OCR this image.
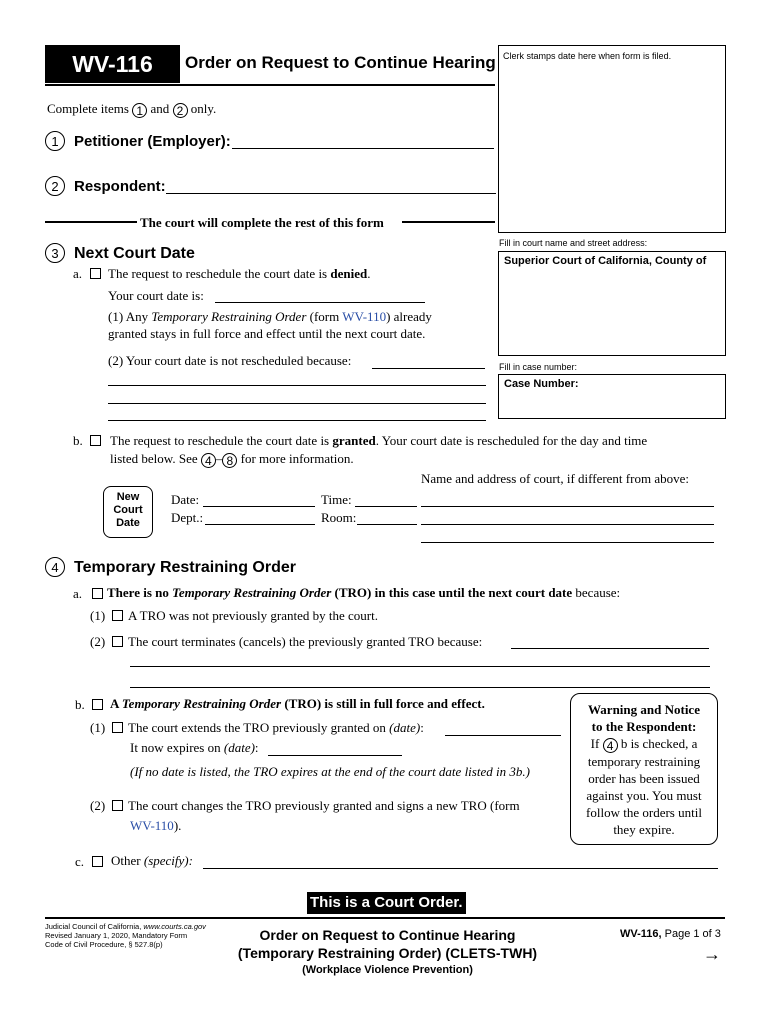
WV-116	Order on Request to Continue Hearing Clerk stamps date here when form is filed.
Complete items 1 and 2 only.
1 Petitioner (Employer):
2 Respondent:
The court will complete the rest of this form
Fill in court name and street address:
Superior Court of California, County of
Fill in case number:
Case Number:
3 Next Court Date
a. The request to reschedule the court date is denied.
Your court date is:
(1) Any Temporary Restraining Order (form WV-110) already
granted stays in full force and effect until the next court date.
(2) Your court date is not rescheduled because:
b. The request to reschedule the court date is granted. Your court date is rescheduled for the day and time
listed below. See 4 – 8 for more information.
Name and address of court, if different from above:
New Court Date
Date:
Dept.:
Time:
Room:
4 Temporary Restraining Order
a. There is no Temporary Restraining Order (TRO) in this case until the next court date because:
(1) A TRO was not previously granted by the court.
(2) The court terminates (cancels) the previously granted TRO because:
b. A Temporary Restraining Order (TRO) is still in full force and effect.
(1) The court extends the TRO previously granted on (date):
It now expires on (date):
(If no date is listed, the TRO expires at the end of the court date listed in 3b.)
(2) The court changes the TRO previously granted and signs a new TRO (form
WV-110).
c. Other (specify):
Warning and Notice
to the Respondent:
If 4 b is checked, a
temporary restraining
order has been issued
against you. You must
follow the orders until
they expire.
This is a Court Order.
Judicial Council of California, www.courts.ca.gov
Revised January 1, 2020, Mandatory Form
Code of Civil Procedure, § 527.8(p)
Order on Request to Continue Hearing
(Temporary Restraining Order) (CLETS-TWH)
(Workplace Violence Prevention)
WV-116, Page 1 of 3
→
